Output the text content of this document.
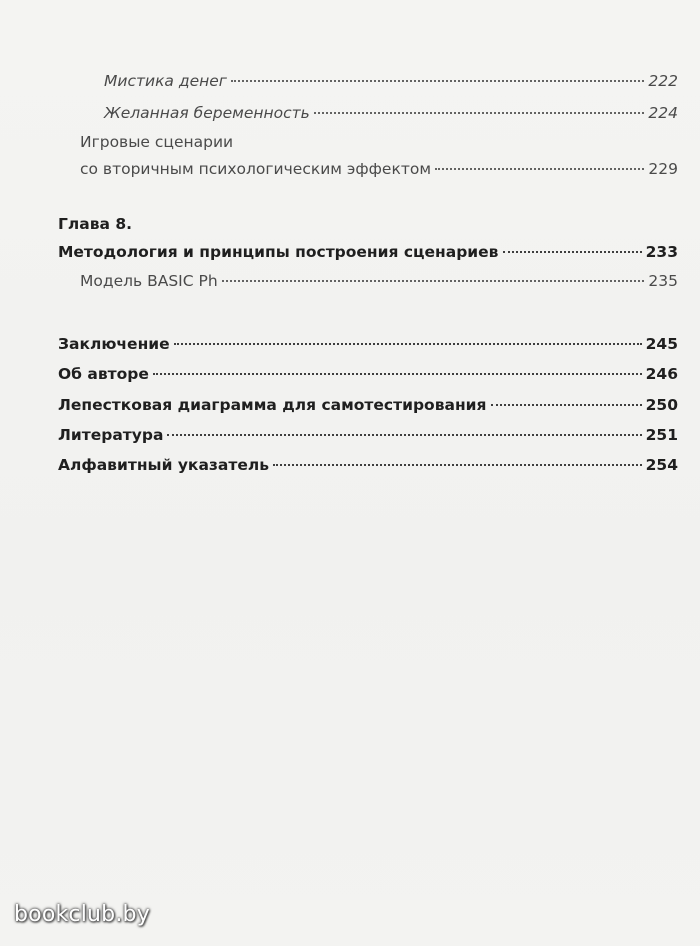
Мистика денег	222
Желанная беременность	224
Игровые сценарии
со вторичным психологическим эффектом	229
Глава 8.
Методология и принципы построения сценариев	233
Модель BASIC Ph	235
Заключение	245
Об авторе	246
Лепестковая диаграмма для самотестирования	250
Литература	251
Алфавитный указатель	254
bookclub.by
